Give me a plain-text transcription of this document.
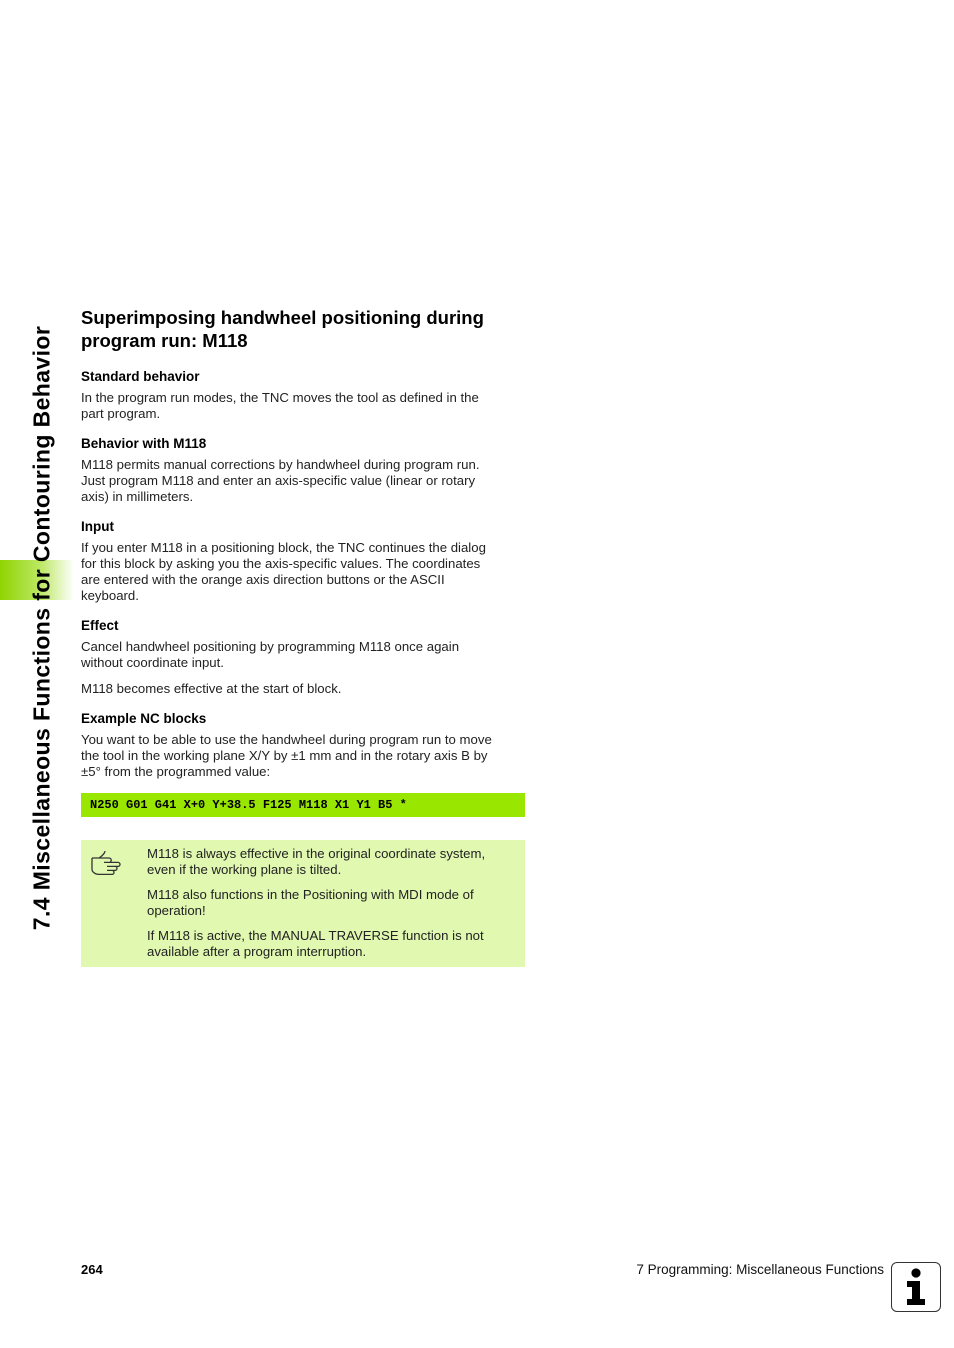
7.4 Miscellaneous Functions for Contouring Behavior
Superimposing handwheel positioning during
program run: M118
Standard behavior

In the program run modes, the TNC moves the tool as defined in the
part program.

Behavior with M118

M118 permits manual corrections by handwheel during program run.
Just program M118 and enter an axis-specific value (linear or rotary
axis) in millimeters.

Input

If you enter M118 in a positioning block, the TNC continues the dialog
for this block by asking you the axis-specific values. The coordinates
are entered with the orange axis direction buttons or the ASCII
keyboard.

Effect

Cancel handwheel positioning by programming M118 once again
without coordinate input.

M118 becomes effective at the start of block.

Example NC blocks

You want to be able to use the handwheel during program run to move
the tool in the working plane X/Y by ±1 mm and in the rotary axis B by
±5° from the programmed value:

N250 G01 G41 X+0 Y+38.5 F125 M118 X1 Y1 B5 *

M118 is always effective in the original coordinate system,
even if the working plane is tilted.

M118 also functions in the Positioning with MDI mode of
operation!

If M118 is active, the MANUAL TRAVERSE function is not
available after a program interruption.

264	7 Programming: Miscellaneous Functions
